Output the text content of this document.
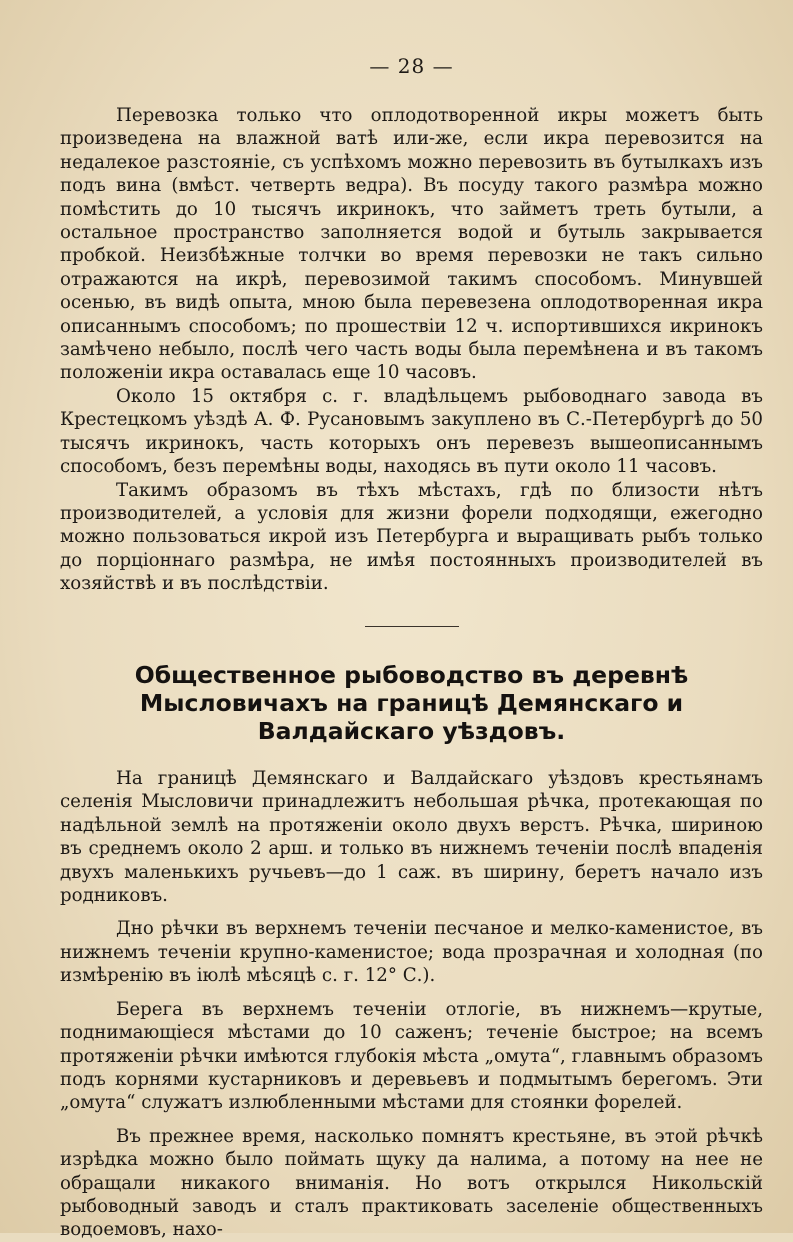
— 28 —

Перевозка только что оплодотворенной икры можетъ быть произведена на влажной ватѣ или-же, если икра перевозится на недалекое разстояніе, съ успѣхомъ можно перевозить въ бутылкахъ изъ подъ вина (вмѣст. четверть ведра). Въ посуду такого размѣра можно помѣстить до 10 тысячъ икринокъ, что займетъ треть бутыли, а остальное пространство заполняется водой и бутыль закрывается пробкой. Неизбѣжные толчки во время перевозки не такъ сильно отражаются на икрѣ, перевозимой такимъ способомъ. Минувшей осенью, въ видѣ опыта, мною была перевезена оплодотворенная икра описаннымъ способомъ; по прошествіи 12 ч. испортившихся икринокъ замѣчено небыло, послѣ чего часть воды была перемѣнена и въ такомъ положеніи икра оставалась еще 10 часовъ.

Около 15 октября с. г. владѣльцемъ рыбоводнаго завода въ Крестецкомъ уѣздѣ А. Ф. Русановымъ закуплено въ С.-Петербургѣ до 50 тысячъ икринокъ, часть которыхъ онъ перевезъ вышеописаннымъ способомъ, безъ перемѣны воды, находясь въ пути около 11 часовъ.

Такимъ образомъ въ тѣхъ мѣстахъ, гдѣ по близости нѣтъ производителей, а условія для жизни форели подходящи, ежегодно можно пользоваться икрой изъ Петербурга и выращивать рыбъ только до порціоннаго размѣра, не имѣя постоянныхъ производителей въ хозяйствѣ и въ послѣдствіи.

Общественное рыбоводство въ деревнѣ Мысловичахъ на границѣ Демянскаго и Валдайскаго уѣздовъ.

На границѣ Демянскаго и Валдайскаго уѣздовъ крестьянамъ селенія Мысловичи принадлежитъ небольшая рѣчка, протекающая по надѣльной землѣ на протяженіи около двухъ верстъ. Рѣчка, шириною въ среднемъ около 2 арш. и только въ нижнемъ теченіи послѣ впаденія двухъ маленькихъ ручьевъ—до 1 саж. въ ширину, беретъ начало изъ родниковъ.

Дно рѣчки въ верхнемъ теченіи песчаное и мелко-каменистое, въ нижнемъ теченіи крупно-каменистое; вода прозрачная и холодная (по измѣренію въ іюлѣ мѣсяцѣ с. г. 12° С.).

Берега въ верхнемъ теченіи отлогіе, въ нижнемъ—крутые, поднимающіеся мѣстами до 10 саженъ; теченіе быстрое; на всемъ протяженіи рѣчки имѣются глубокія мѣста „омута“, главнымъ образомъ подъ корнями кустарниковъ и деревьевъ и подмытымъ берегомъ. Эти „омута“ служатъ излюбленными мѣстами для стоянки форелей.

Въ прежнее время, насколько помнятъ крестьяне, въ этой рѣчкѣ изрѣдка можно было поймать щуку да налима, а потому на нее не обращали никакого вниманія. Но вотъ открылся Никольскій рыбоводный заводъ и сталъ практиковать заселеніе общественныхъ водоемовъ, нахо-
